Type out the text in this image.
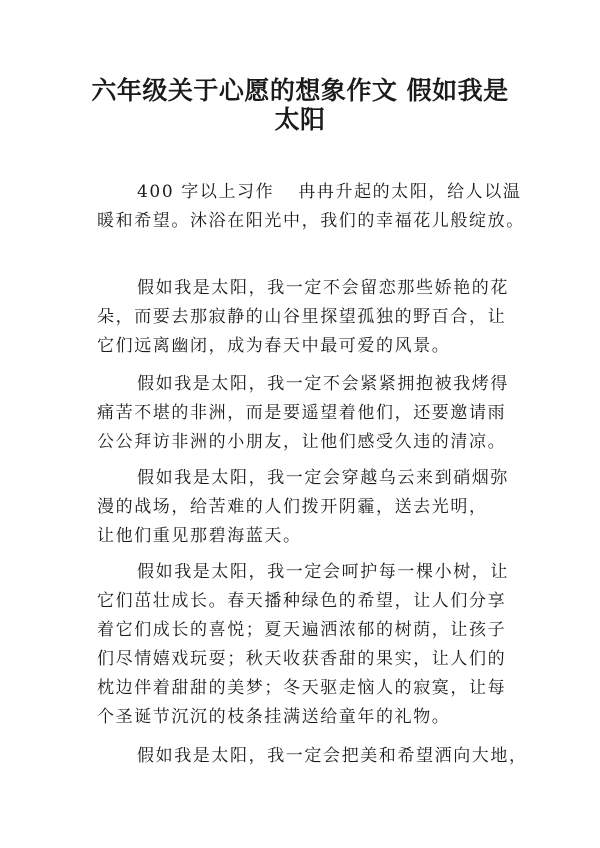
六年级关于心愿的想象作文 假如我是
太阳
400 字以上习作 冉冉升起的太阳，给人以温
暖和希望。沐浴在阳光中，我们的幸福花儿般绽放。
假如我是太阳，我一定不会留恋那些娇艳的花
朵，而要去那寂静的山谷里探望孤独的野百合，让
它们远离幽闭，成为春天中最可爱的风景。
假如我是太阳，我一定不会紧紧拥抱被我烤得
痛苦不堪的非洲，而是要遥望着他们，还要邀请雨
公公拜访非洲的小朋友，让他们感受久违的清凉。
假如我是太阳，我一定会穿越乌云来到硝烟弥
漫的战场，给苦难的人们拨开阴霾，送去光明，
让他们重见那碧海蓝天。
假如我是太阳，我一定会呵护每一棵小树，让
它们茁壮成长。春天播种绿色的希望，让人们分享
着它们成长的喜悦；夏天遍洒浓郁的树荫，让孩子
们尽情嬉戏玩耍；秋天收获香甜的果实，让人们的
枕边伴着甜甜的美梦；冬天驱走恼人的寂寞，让每
个圣诞节沉沉的枝条挂满送给童年的礼物。
假如我是太阳，我一定会把美和希望洒向大地，
